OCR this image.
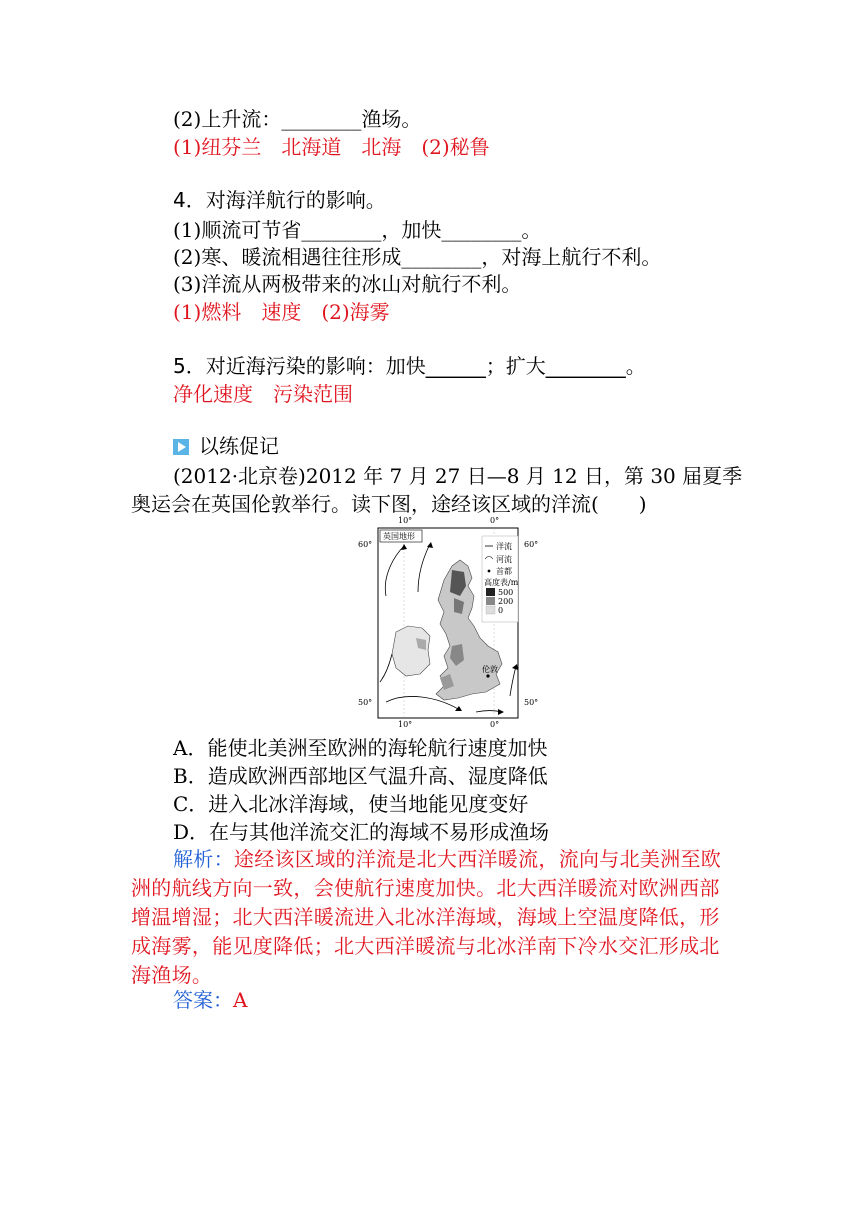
(2)上升流：________渔场。
(1)纽芬兰　北海道　北海　(2)秘鲁
4．对海洋航行的影响。
(1)顺流可节省________，加快________。
(2)寒、暖流相遇往往形成________，对海上航行不利。
(3)洋流从两极带来的冰山对航行不利。
(1)燃料　速度　(2)海雾
5．对近海污染的影响：加快______；扩大________。
净化速度　污染范围
以练促记
(2012·北京卷)2012 年 7 月 27 日—8 月 12 日，第 30 届夏季
奥运会在英国伦敦举行。读下图，途经该区域的洋流(　　)
10°	0°
10°	0°
60°	60°
50°	50°
英国地形
伦敦
洋流
河流
首都
高度表/m
500
200
0
A．能使北美洲至欧洲的海轮航行速度加快
B．造成欧洲西部地区气温升高、湿度降低
C．进入北冰洋海域，使当地能见度变好
D．在与其他洋流交汇的海域不易形成渔场
解析：途经该区域的洋流是北大西洋暖流，流向与北美洲至欧洲的航线方向一致，会使航行速度加快。北大西洋暖流对欧洲西部增温增湿；北大西洋暖流进入北冰洋海域，海域上空温度降低，形成海雾，能见度降低；北大西洋暖流与北冰洋南下冷水交汇形成北海渔场。
答案：A
